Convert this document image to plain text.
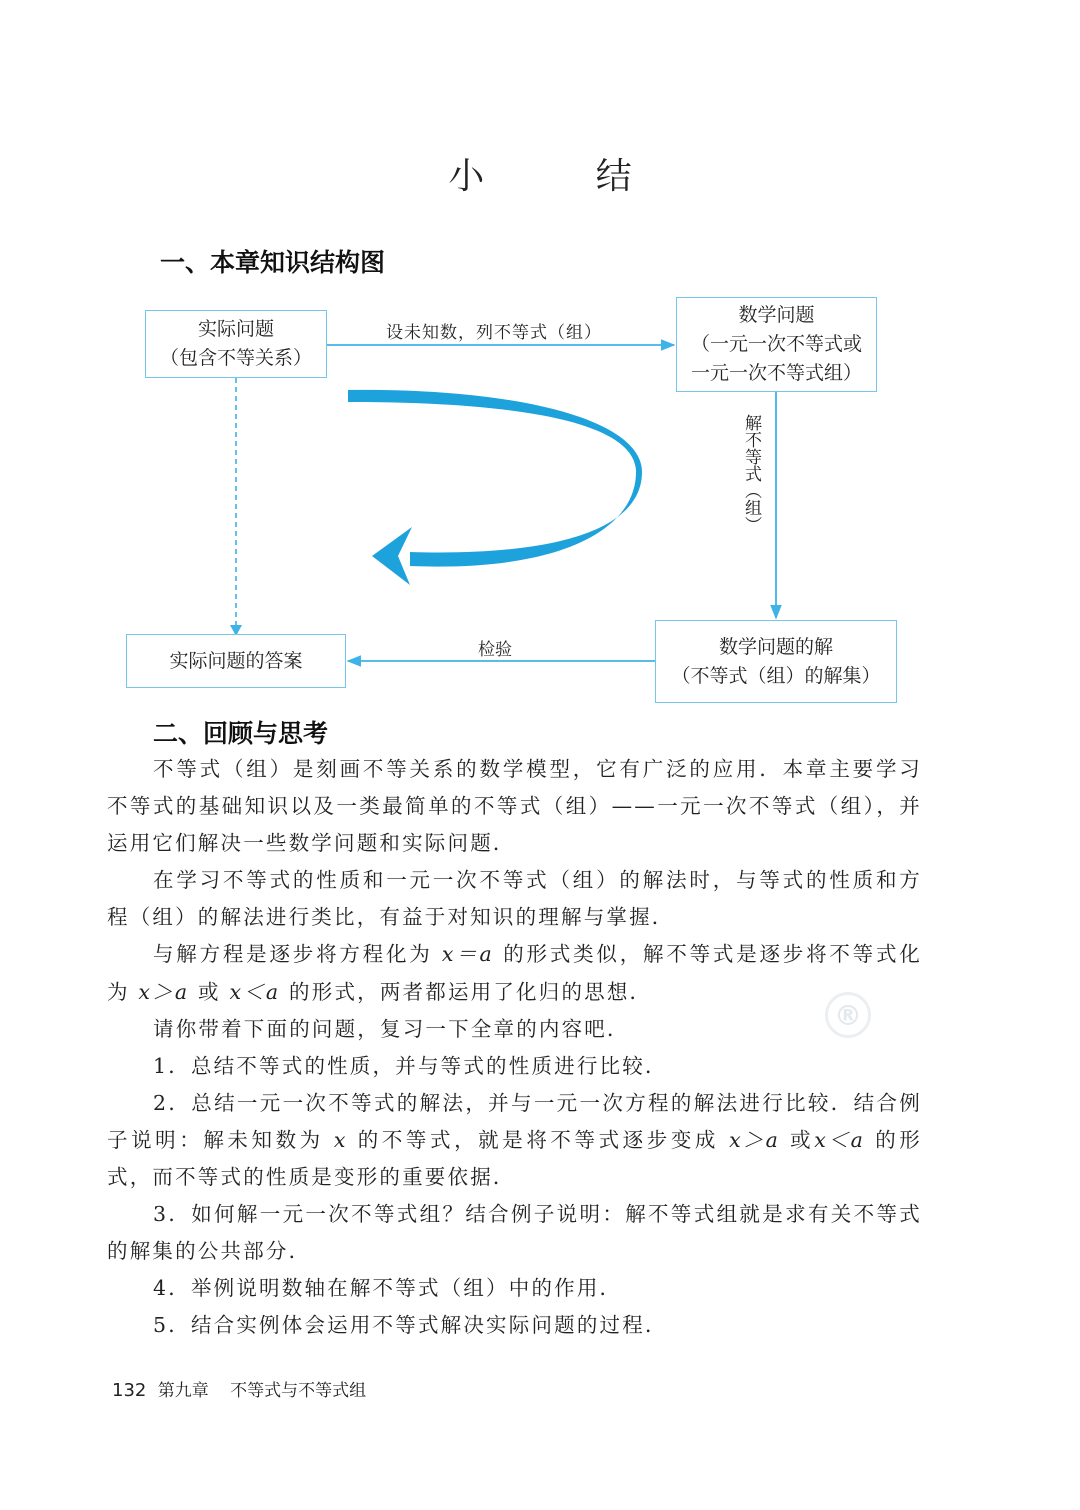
小 结
一、本章知识结构图
实际问题
（包含不等关系）
数学问题
（一元一次不等式或
一元一次不等式组）
数学问题的解
（不等式（组）的解集）
实际问题的答案
设未知数，列不等式（组）
解不等式（组）
检验
®
二、回顾与思考

不等式（组）是刻画不等关系的数学模型，它有广泛的应用．本章主要学习不等式的基础知识以及一类最简单的不等式（组）——一元一次不等式（组），并运用它们解决一些数学问题和实际问题．

在学习不等式的性质和一元一次不等式（组）的解法时，与等式的性质和方程（组）的解法进行类比，有益于对知识的理解与掌握．

与解方程是逐步将方程化为 x＝a 的形式类似，解不等式是逐步将不等式化为 x＞a 或 x＜a 的形式，两者都运用了化归的思想．

请你带着下面的问题，复习一下全章的内容吧．

1．总结不等式的性质，并与等式的性质进行比较．

2．总结一元一次不等式的解法，并与一元一次方程的解法进行比较．结合例子说明：解未知数为 x 的不等式，就是将不等式逐步变成 x＞a 或x＜a 的形式，而不等式的性质是变形的重要依据．

3．如何解一元一次不等式组？结合例子说明：解不等式组就是求有关不等式的解集的公共部分．

4．举例说明数轴在解不等式（组）中的作用．

5．结合实例体会运用不等式解决实际问题的过程．

132 第九章 不等式与不等式组
